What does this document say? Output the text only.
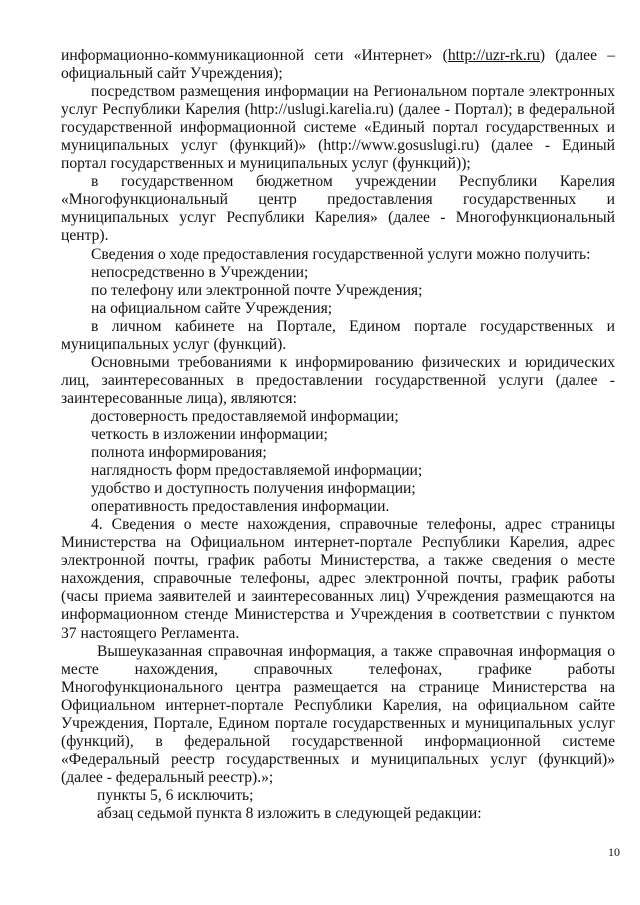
информационно-коммуникационной сети «Интернет» (http://uzr-rk.ru) (далее – официальный сайт Учреждения);

посредством размещения информации на Региональном портале электронных услуг Республики Карелия (http://uslugi.karelia.ru) (далее - Портал); в федеральной государственной информационной системе «Единый портал государственных и муниципальных услуг (функций)» (http://www.gosuslugi.ru) (далее - Единый портал государственных и муниципальных услуг (функций));

в государственном бюджетном учреждении Республики Карелия «Многофункциональный центр предоставления государственных и муниципальных услуг Республики Карелия» (далее - Многофункциональный центр).

Сведения о ходе предоставления государственной услуги можно получить:

непосредственно в Учреждении;

по телефону или электронной почте Учреждения;

на официальном сайте Учреждения;

в личном кабинете на Портале, Едином портале государственных и муниципальных услуг (функций).

Основными требованиями к информированию физических и юридических лиц, заинтересованных в предоставлении государственной услуги (далее - заинтересованные лица), являются:

достоверность предоставляемой информации;

четкость в изложении информации;

полнота информирования;

наглядность форм предоставляемой информации;

удобство и доступность получения информации;

оперативность предоставления информации.

4. Сведения о месте нахождения, справочные телефоны, адрес страницы Министерства на Официальном интернет-портале Республики Карелия, адрес электронной почты, график работы Министерства, а также сведения о месте нахождения, справочные телефоны, адрес электронной почты, график работы (часы приема заявителей и заинтересованных лиц) Учреждения размещаются на информационном стенде Министерства и Учреждения в соответствии с пунктом 37 настоящего Регламента.

Вышеуказанная справочная информация, а также справочная информация о месте нахождения, справочных телефонах, графике работы Многофункционального центра размещается на странице Министерства на Официальном интернет-портале Республики Карелия, на официальном сайте Учреждения, Портале, Едином портале государственных и муниципальных услуг (функций), в федеральной государственной информационной системе «Федеральный реестр государственных и муниципальных услуг (функций)» (далее - федеральный реестр).»;

пункты 5, 6 исключить;

абзац седьмой пункта 8 изложить в следующей редакции:

10
